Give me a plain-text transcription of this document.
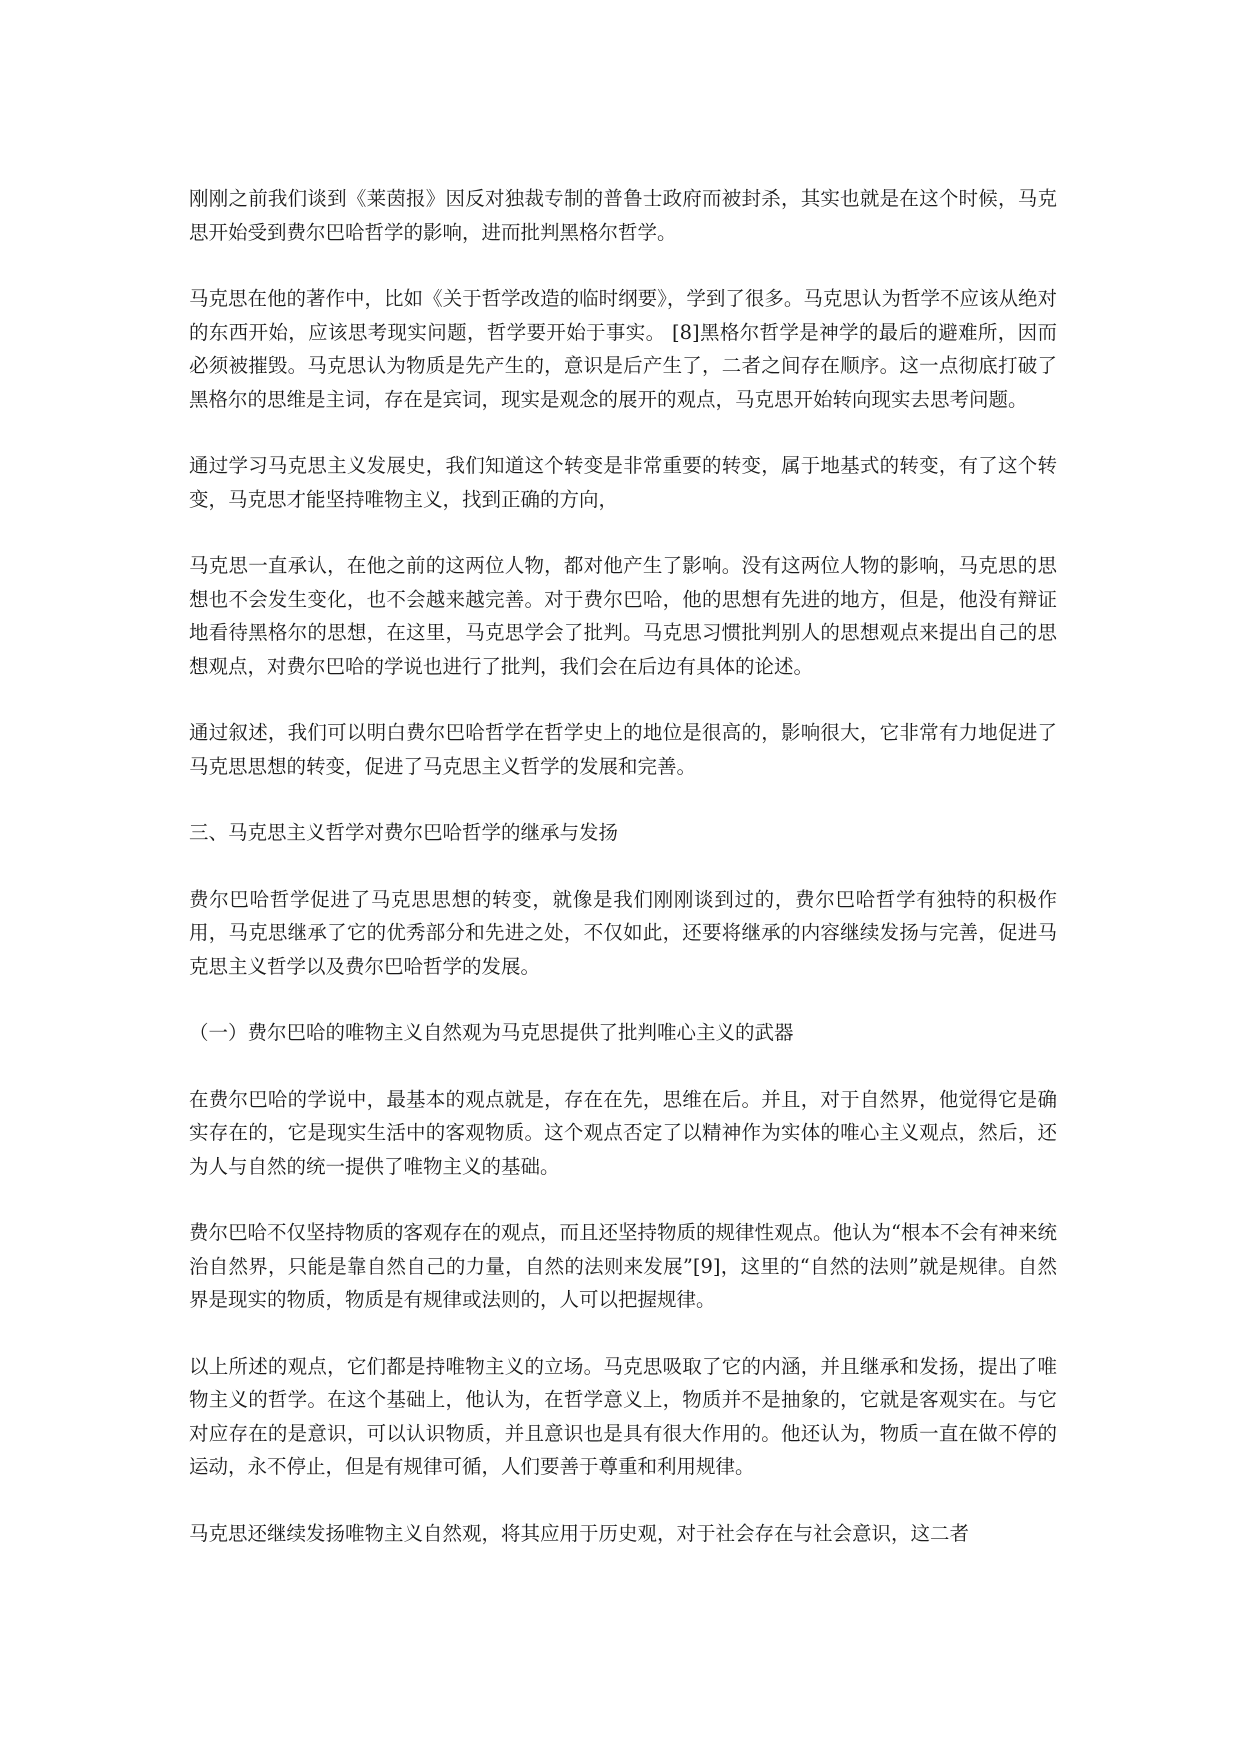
刚刚之前我们谈到《莱茵报》因反对独裁专制的普鲁士政府而被封杀，其实也就是在这个时候，马克思开始受到费尔巴哈哲学的影响，进而批判黑格尔哲学。

马克思在他的著作中，比如《关于哲学改造的临时纲要》，学到了很多。马克思认为哲学不应该从绝对的东西开始，应该思考现实问题，哲学要开始于事实。 [8]黑格尔哲学是神学的最后的避难所，因而必须被摧毁。马克思认为物质是先产生的，意识是后产生了，二者之间存在顺序。这一点彻底打破了黑格尔的思维是主词，存在是宾词，现实是观念的展开的观点，马克思开始转向现实去思考问题。

通过学习马克思主义发展史，我们知道这个转变是非常重要的转变，属于地基式的转变，有了这个转变，马克思才能坚持唯物主义，找到正确的方向，

马克思一直承认，在他之前的这两位人物，都对他产生了影响。没有这两位人物的影响，马克思的思想也不会发生变化，也不会越来越完善。对于费尔巴哈，他的思想有先进的地方，但是，他没有辩证地看待黑格尔的思想，在这里，马克思学会了批判。马克思习惯批判别人的思想观点来提出自己的思想观点，对费尔巴哈的学说也进行了批判，我们会在后边有具体的论述。

通过叙述，我们可以明白费尔巴哈哲学在哲学史上的地位是很高的，影响很大，它非常有力地促进了马克思思想的转变，促进了马克思主义哲学的发展和完善。

三、马克思主义哲学对费尔巴哈哲学的继承与发扬

费尔巴哈哲学促进了马克思思想的转变，就像是我们刚刚谈到过的，费尔巴哈哲学有独特的积极作用，马克思继承了它的优秀部分和先进之处，不仅如此，还要将继承的内容继续发扬与完善，促进马克思主义哲学以及费尔巴哈哲学的发展。

（一）费尔巴哈的唯物主义自然观为马克思提供了批判唯心主义的武器

在费尔巴哈的学说中，最基本的观点就是，存在在先，思维在后。并且，对于自然界，他觉得它是确实存在的，它是现实生活中的客观物质。这个观点否定了以精神作为实体的唯心主义观点，然后，还为人与自然的统一提供了唯物主义的基础。

费尔巴哈不仅坚持物质的客观存在的观点，而且还坚持物质的规律性观点。他认为“根本不会有神来统治自然界，只能是靠自然自己的力量，自然的法则来发展”[9]，这里的“自然的法则”就是规律。自然界是现实的物质，物质是有规律或法则的，人可以把握规律。

以上所述的观点，它们都是持唯物主义的立场。马克思吸取了它的内涵，并且继承和发扬，提出了唯物主义的哲学。在这个基础上，他认为，在哲学意义上，物质并不是抽象的，它就是客观实在。与它对应存在的是意识，可以认识物质，并且意识也是具有很大作用的。他还认为，物质一直在做不停的运动，永不停止，但是有规律可循，人们要善于尊重和利用规律。

马克思还继续发扬唯物主义自然观，将其应用于历史观，对于社会存在与社会意识，这二者
